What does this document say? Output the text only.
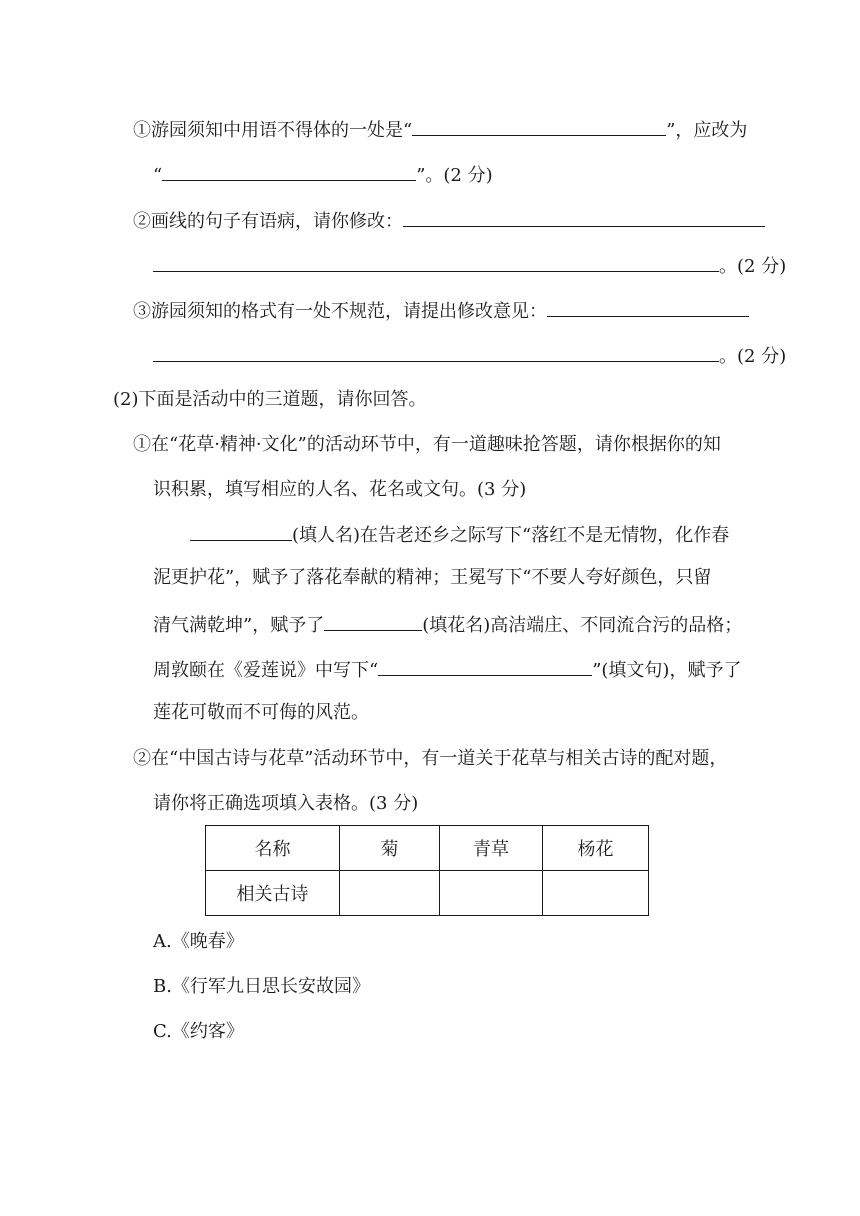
①游园须知中用语不得体的一处是“	”，应改为
“	”。(2 分)
②画线的句子有语病，请你修改：
。(2 分)
③游园须知的格式有一处不规范，请提出修改意见：
。(2 分)
(2)下面是活动中的三道题，请你回答。
①在“花草·精神·文化”的活动环节中，有一道趣味抢答题，请你根据你的知
识积累，填写相应的人名、花名或文句。(3 分)
(填人名)在告老还乡之际写下“落红不是无情物，化作春
泥更护花”，赋予了落花奉献的精神；王冕写下“不要人夸好颜色，只留
清气满乾坤”，赋予了	(填花名)高洁端庄、不同流合污的品格；
周敦颐在《爱莲说》中写下“	”(填文句)，赋予了
莲花可敬而不可侮的风范。
②在“中国古诗与花草”活动环节中，有一道关于花草与相关古诗的配对题，
请你将正确选项填入表格。(3 分)
名称	菊	青草	杨花
相关古诗			
A.《晚春》
B.《行军九日思长安故园》
C.《约客》
